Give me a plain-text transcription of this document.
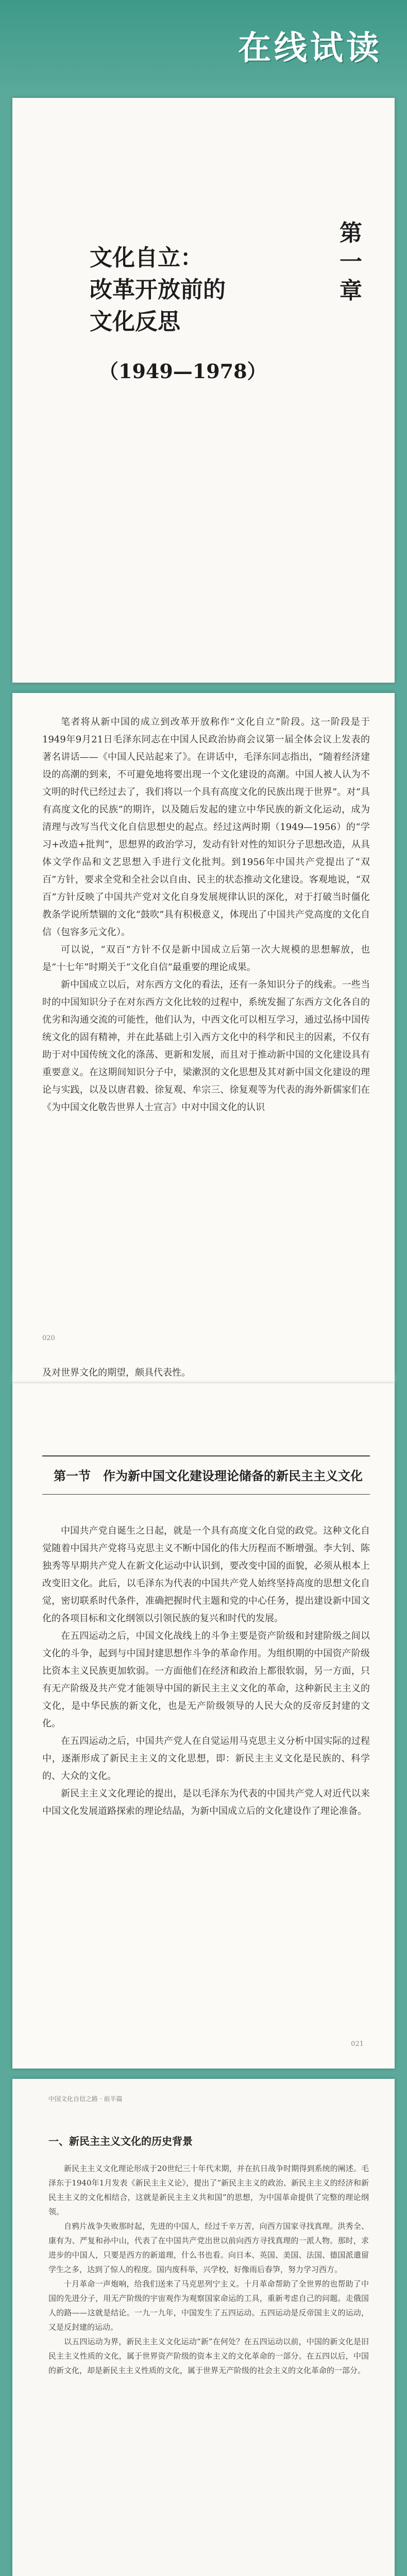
在线试读
文化自立：
改革开放前的
文化反思
（1949—1978）
第一章

笔者将从新中国的成立到改革开放称作“文化自立”阶段。这一阶段是于1949年9月21日毛泽东同志在中国人民政治协商会议第一届全体会议上发表的著名讲话——《中国人民站起来了》。在讲话中，毛泽东同志指出，“随着经济建设的高潮的到来，不可避免地将要出现一个文化建设的高潮。中国人被人认为不文明的时代已经过去了，我们将以一个具有高度文化的民族出现于世界”。对“具有高度文化的民族”的期许，以及随后发起的建立中华民族的新文化运动，成为清理与改写当代文化自信思想史的起点。经过这两时期（1949—1956）的“学习+改造+批判”，思想界的政治学习，发动有针对性的知识分子思想改造，从具体文学作品和文艺思想入手进行文化批判。到1956年中国共产党提出了“双百”方针，要求全党和全社会以自由、民主的状态推动文化建设。客观地说，“双百”方针反映了中国共产党对文化自身发展规律认识的深化，对于打破当时僵化教条学说所禁锢的文化“鼓吹”具有积极意义，体现出了中国共产党高度的文化自信（包容多元文化）。

可以说，“双百”方针不仅是新中国成立后第一次大规模的思想解放，也是“十七年”时期关于“文化自信”最重要的理论成果。

新中国成立以后，对东西方文化的看法，还有一条知识分子的线索。一些当时的中国知识分子在对东西方文化比较的过程中，系统发掘了东西方文化各自的优劣和沟通交流的可能性，他们认为，中西文化可以相互学习，通过弘扬中国传统文化的固有精神，并在此基础上引入西方文化中的科学和民主的因素，不仅有助于对中国传统文化的涤荡、更新和发展，而且对于推动新中国的文化建设具有重要意义。在这期间知识分子中，梁漱溟的文化思想及其对新中国文化建设的理论与实践，以及以唐君毅、徐复观、牟宗三、徐复观等为代表的海外新儒家们在《为中国文化敬告世界人士宣言》中对中国文化的认识

020
及对世界文化的期望，颇具代表性。
第一节　作为新中国文化建设理论储备的新民主主义文化

中国共产党自诞生之日起，就是一个具有高度文化自觉的政党。这种文化自觉随着中国共产党将马克思主义不断中国化的伟大历程而不断增强。李大钊、陈独秀等早期共产党人在新文化运动中认识到，要改变中国的面貌，必须从根本上改变旧文化。此后，以毛泽东为代表的中国共产党人始终坚持高度的思想文化自觉，密切联系时代条件，准确把握时代主题和党的中心任务，提出建设新中国文化的各项目标和文化纲领以引领民族的复兴和时代的发展。

在五四运动之后，中国文化战线上的斗争主要是资产阶级和封建阶级之间以文化的斗争，起到与中国封建思想作斗争的革命作用。为组织期的中国资产阶级比资本主义民族更加软弱。一方面他们在经济和政治上都很软弱，另一方面，只有无产阶级及共产党才能领导中国的新民主主义文化的革命，这种新民主主义的文化，是中华民族的新文化，也是无产阶级领导的人民大众的反帝反封建的文化。

在五四运动之后，中国共产党人在自觉运用马克思主义分析中国实际的过程中，逐渐形成了新民主主义的文化思想，即：新民主主义文化是民族的、科学的、大众的文化。

新民主主义文化理论的提出，是以毛泽东为代表的中国共产党人对近代以来中国文化发展道路探索的理论结晶，为新中国成立后的文化建设作了理论准备。

021
中国文化自信之路 · 前半篇
一、新民主主义文化的历史背景

新民主主义文化理论形成于20世纪三十年代末期，并在抗日战争时期得到系统的阐述。毛泽东于1940年1月发表《新民主主义论》，提出了“新民主主义的政治、新民主主义的经济和新民主主义的文化相结合，这就是新民主主义共和国”的思想，为中国革命提供了完整的理论纲领。

自鸦片战争失败那时起，先进的中国人，经过千辛万苦，向西方国家寻找真理。洪秀全、康有为、严复和孙中山，代表了在中国共产党出世以前向西方寻找真理的一派人物。那时，求进步的中国人，只要是西方的新道理，什么书也看。向日本、英国、美国、法国、德国派遣留学生之多，达到了惊人的程度。国内废科举，兴学校，好像雨后春笋，努力学习西方。

十月革命一声炮响，给我们送来了马克思列宁主义。十月革命帮助了全世界的也帮助了中国的先进分子，用无产阶级的宇宙观作为观察国家命运的工具，重新考虑自己的问题。走俄国人的路——这就是结论。一九一九年，中国发生了五四运动。五四运动是反帝国主义的运动，又是反封建的运动。

以五四运动为界，新民主主义文化运动“新”在何处？在五四运动以前，中国的新文化是旧民主主义性质的文化，属于世界资产阶级的资本主义的文化革命的一部分。在五四以后，中国的新文化，却是新民主主义性质的文化，属于世界无产阶级的社会主义的文化革命的一部分。
